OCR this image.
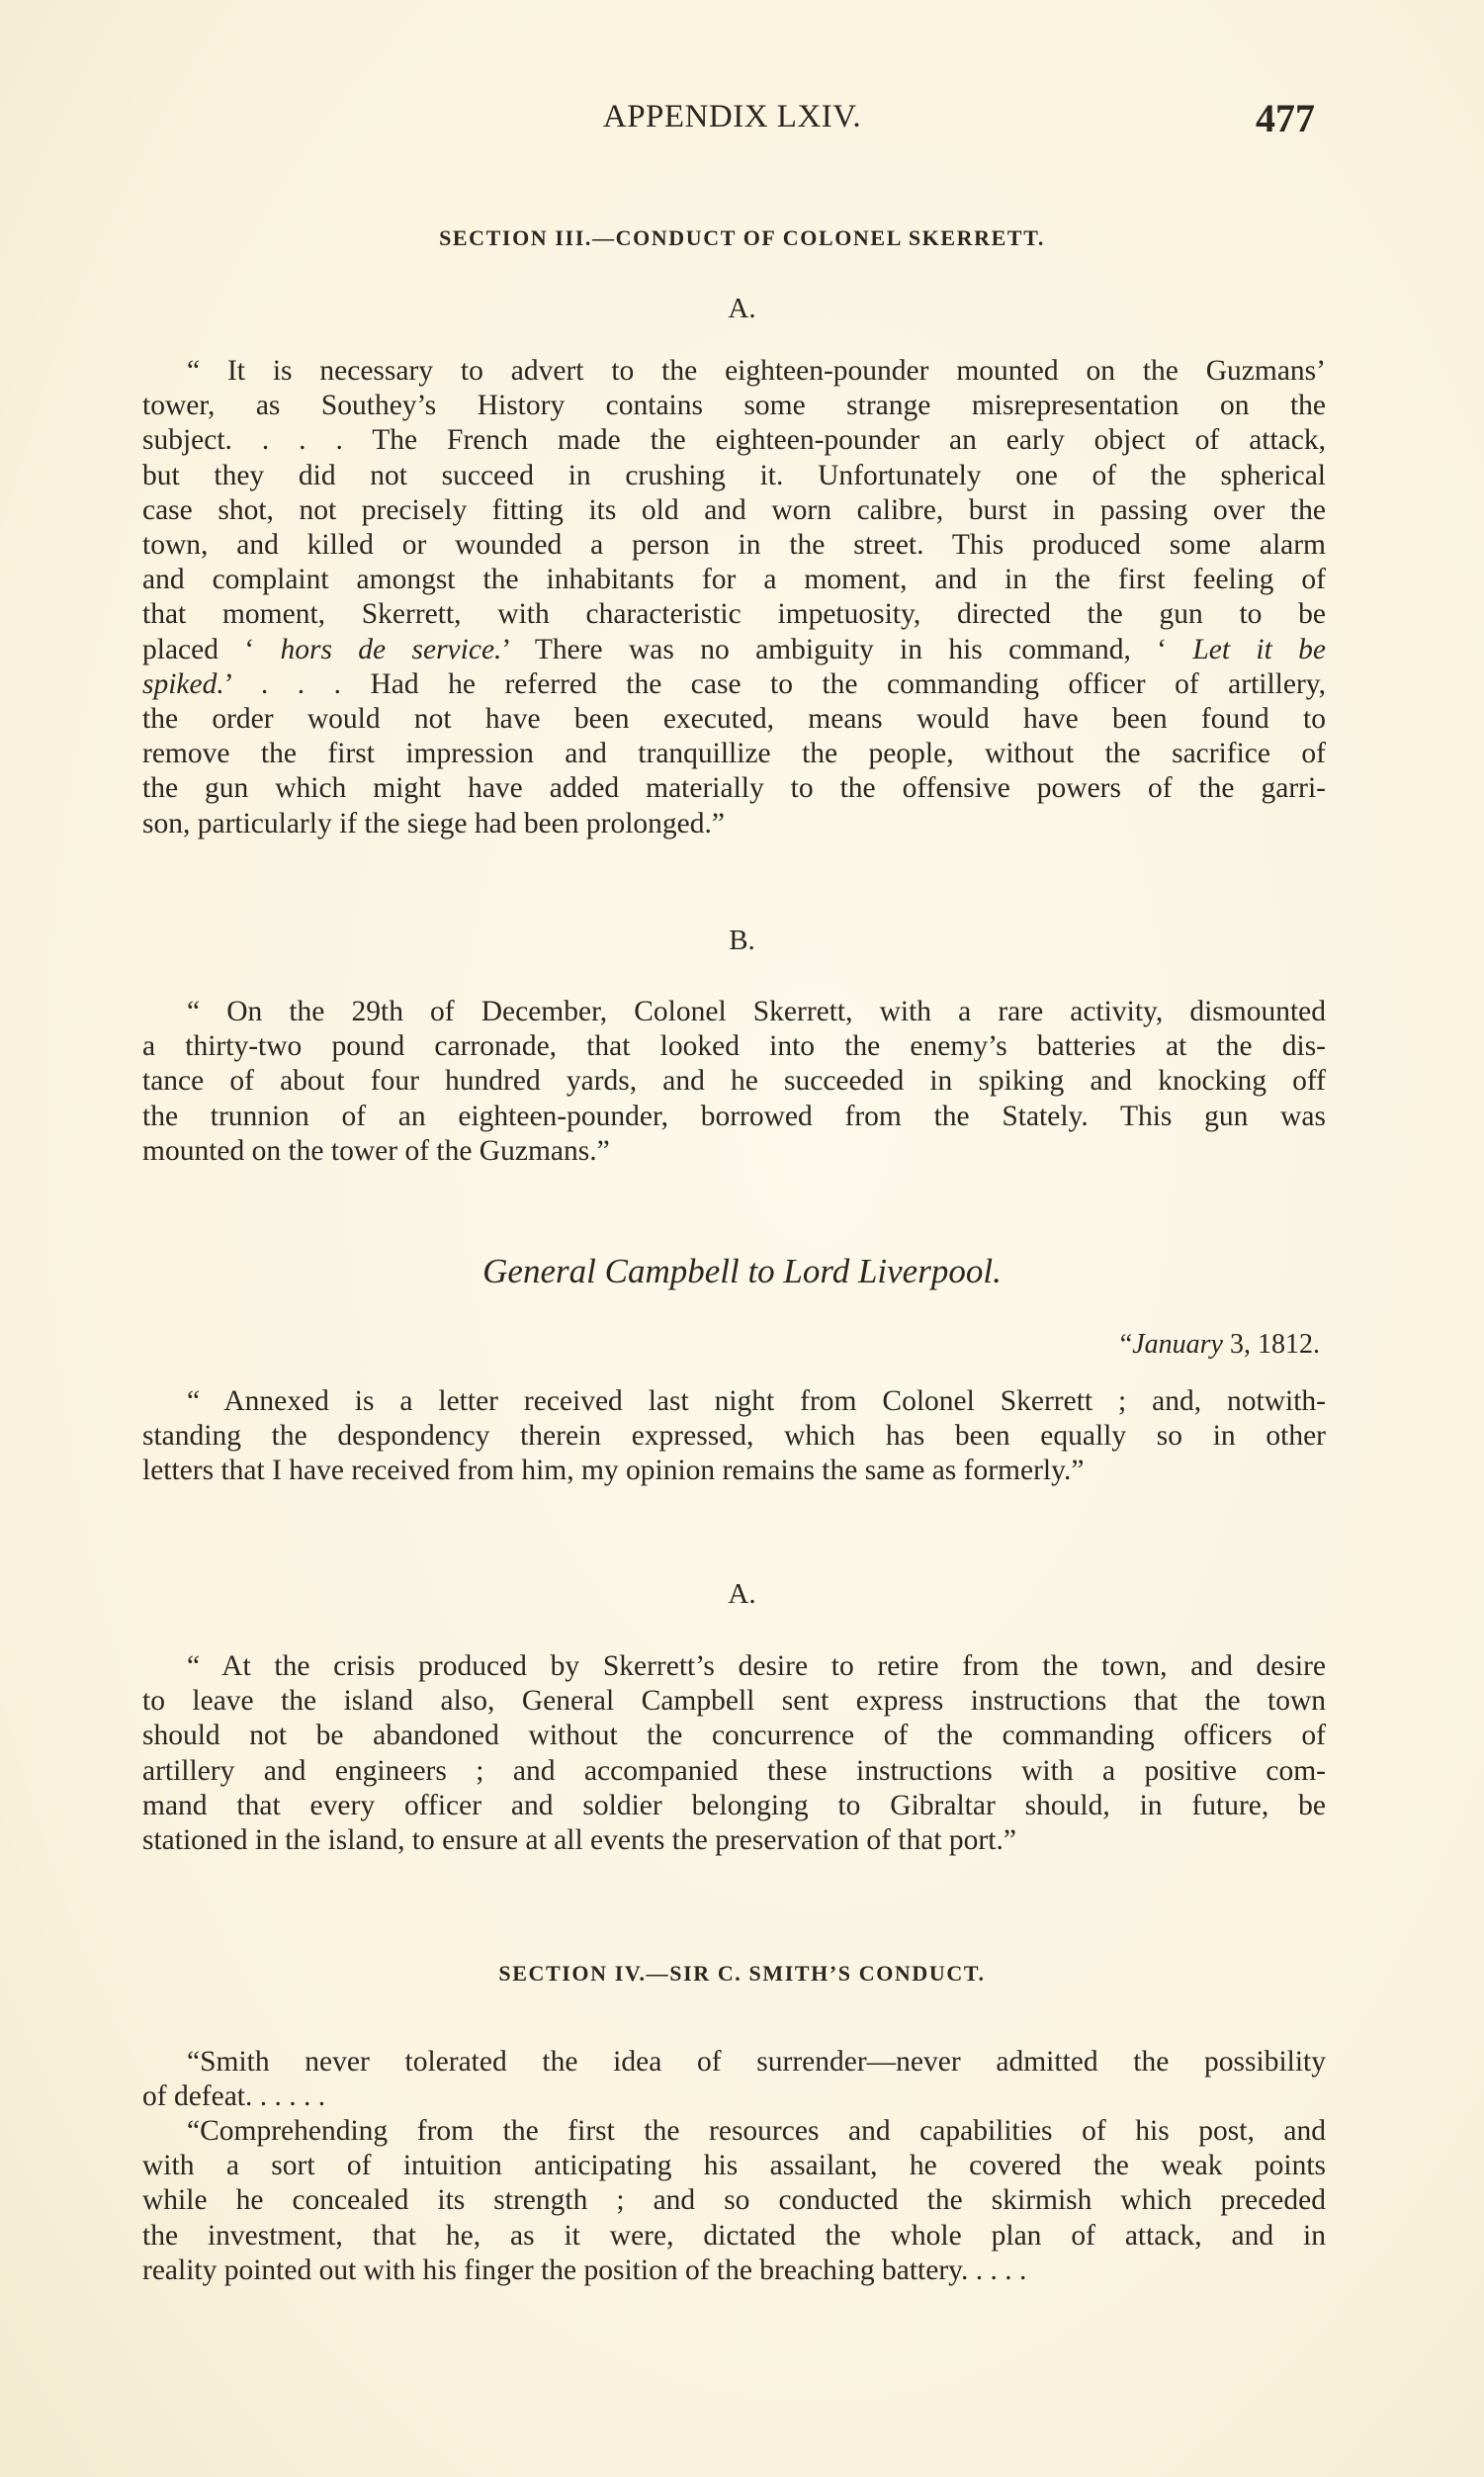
APPENDIX LXIV.	477
SECTION III.—CONDUCT OF COLONEL SKERRETT.
A.
“ It is necessary to advert to the eighteen-pounder mounted on the Guzmans’
tower, as Southey’s History contains some strange misrepresentation on the
subject. . . . The French made the eighteen-pounder an early object of attack,
but they did not succeed in crushing it. Unfortunately one of the spherical
case shot, not precisely fitting its old and worn calibre, burst in passing over the
town, and killed or wounded a person in the street. This produced some alarm
and complaint amongst the inhabitants for a moment, and in the first feeling of
that moment, Skerrett, with characteristic impetuosity, directed the gun to be
placed ‘ hors de service.’ There was no ambiguity in his command, ‘ Let it be
spiked.’ . . . Had he referred the case to the commanding officer of artillery,
the order would not have been executed, means would have been found to
remove the first impression and tranquillize the people, without the sacrifice of
the gun which might have added materially to the offensive powers of the garri-
son, particularly if the siege had been prolonged.”
B.
“ On the 29th of December, Colonel Skerrett, with a rare activity, dismounted
a thirty-two pound carronade, that looked into the enemy’s batteries at the dis-
tance of about four hundred yards, and he succeeded in spiking and knocking off
the trunnion of an eighteen-pounder, borrowed from the Stately. This gun was
mounted on the tower of the Guzmans.”
General Campbell to Lord Liverpool.
“January 3, 1812.
“ Annexed is a letter received last night from Colonel Skerrett ; and, notwith-
standing the despondency therein expressed, which has been equally so in other
letters that I have received from him, my opinion remains the same as formerly.”
A.
“ At the crisis produced by Skerrett’s desire to retire from the town, and desire
to leave the island also, General Campbell sent express instructions that the town
should not be abandoned without the concurrence of the commanding officers of
artillery and engineers ; and accompanied these instructions with a positive com-
mand that every officer and soldier belonging to Gibraltar should, in future, be
stationed in the island, to ensure at all events the preservation of that port.”
SECTION IV.—SIR C. SMITH’S CONDUCT.
“Smith never tolerated the idea of surrender—never admitted the possibility
of defeat. . . . . .
“Comprehending from the first the resources and capabilities of his post, and
with a sort of intuition anticipating his assailant, he covered the weak points
while he concealed its strength ; and so conducted the skirmish which preceded
the investment, that he, as it were, dictated the whole plan of attack, and in
reality pointed out with his finger the position of the breaching battery. . . . .
